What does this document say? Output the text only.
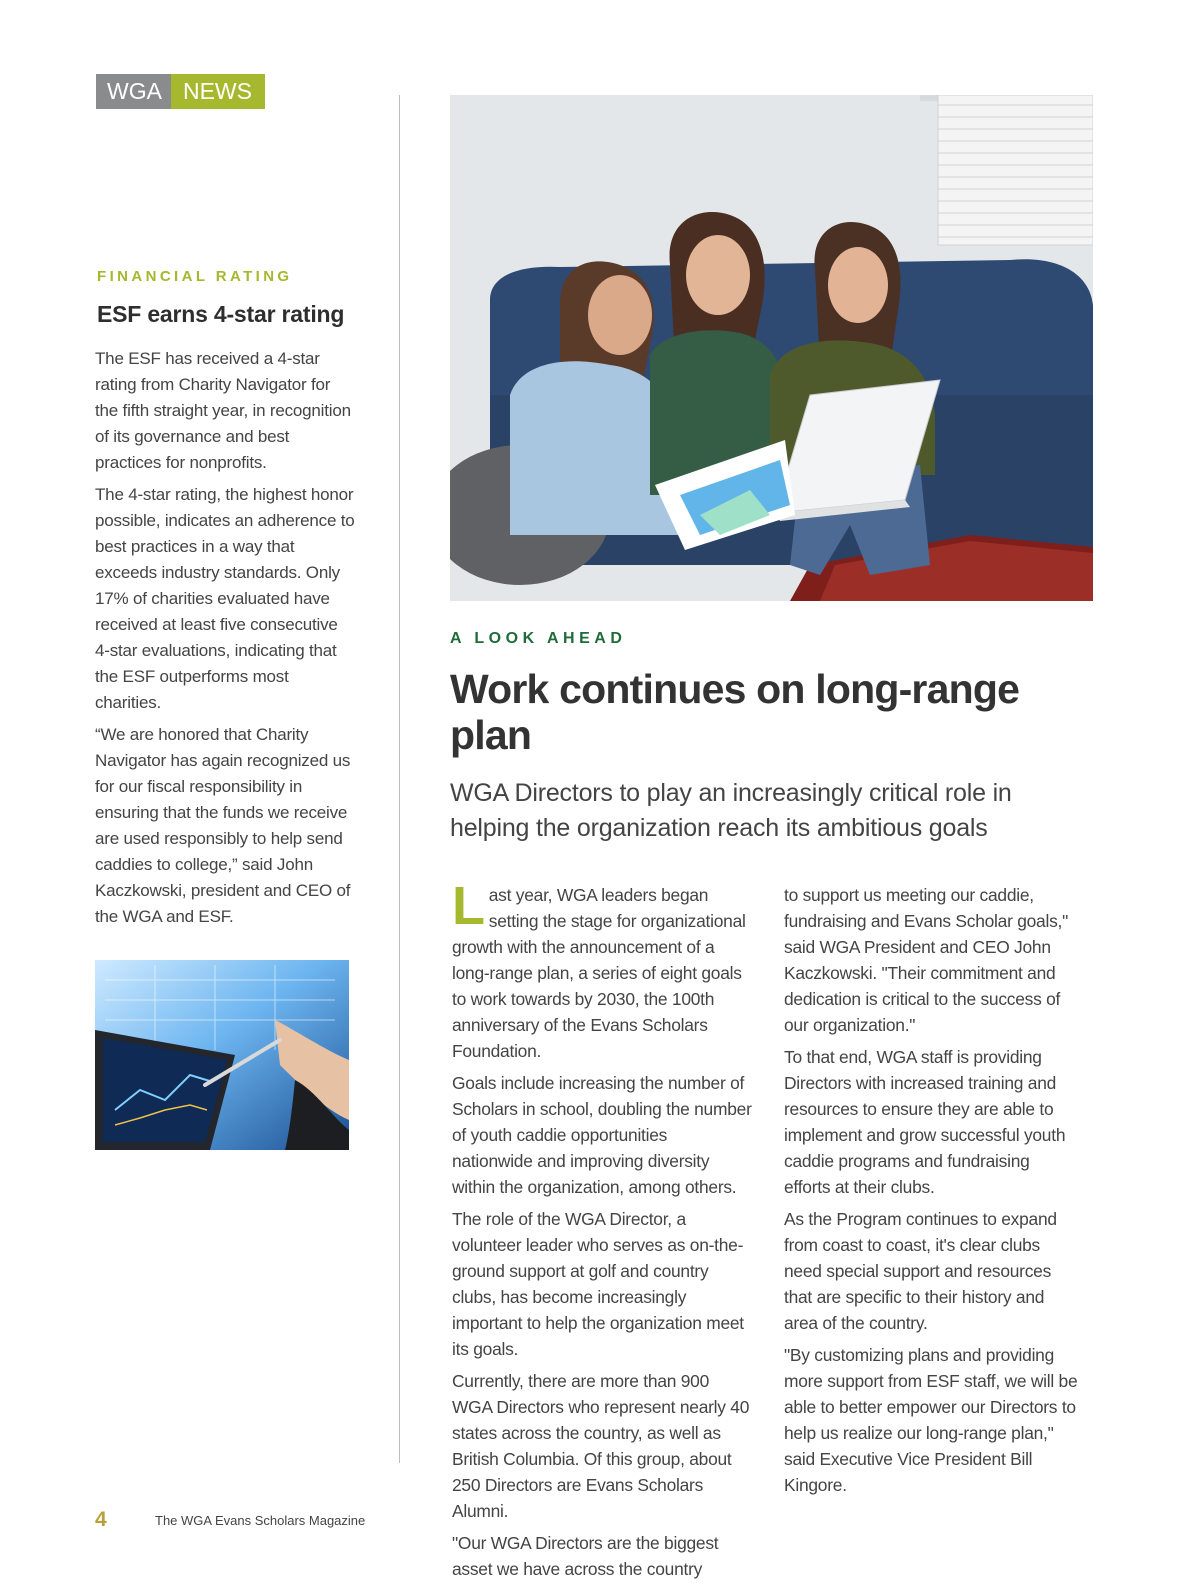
WGA NEWS
FINANCIAL RATING
ESF earns 4-star rating

The ESF has received a 4-star rating from Charity Navigator for the fifth straight year, in recognition of its governance and best practices for nonprofits.

The 4-star rating, the highest honor possible, indicates an adherence to best practices in a way that exceeds industry standards. Only 17% of charities evaluated have received at least five consecutive 4-star evaluations, indicating that the ESF outperforms most charities.

“We are honored that Charity Navigator has again recognized us for our fiscal responsibility in ensuring that the funds we receive are used responsibly to help send caddies to college,” said John Kaczkowski, president and CEO of the WGA and ESF.

A LOOK AHEAD
Work continues on long-range plan
WGA Directors to play an increasingly critical role in helping the organization reach its ambitious goals

Last year, WGA leaders began setting the stage for organizational growth with the announcement of a long-range plan, a series of eight goals to work towards by 2030, the 100th anniversary of the Evans Scholars Foundation.

Goals include increasing the number of Scholars in school, doubling the number of youth caddie opportunities nationwide and improving diversity within the organization, among others.

The role of the WGA Director, a volunteer leader who serves as on-the-ground support at golf and country clubs, has become increasingly important to help the organization meet its goals.

Currently, there are more than 900 WGA Directors who represent nearly 40 states across the country, as well as British Columbia. Of this group, about 250 Directors are Evans Scholars Alumni.

"Our WGA Directors are the biggest asset we have across the country

to support us meeting our caddie, fundraising and Evans Scholar goals," said WGA President and CEO John Kaczkowski. "Their commitment and dedication is critical to the success of our organization."

To that end, WGA staff is providing Directors with increased training and resources to ensure they are able to implement and grow successful youth caddie programs and fundraising efforts at their clubs.

As the Program continues to expand from coast to coast, it's clear clubs need special support and resources that are specific to their history and area of the country.

"By customizing plans and providing more support from ESF staff, we will be able to better empower our Directors to help us realize our long-range plan," said Executive Vice President Bill Kingore.

4	The WGA Evans Scholars Magazine
